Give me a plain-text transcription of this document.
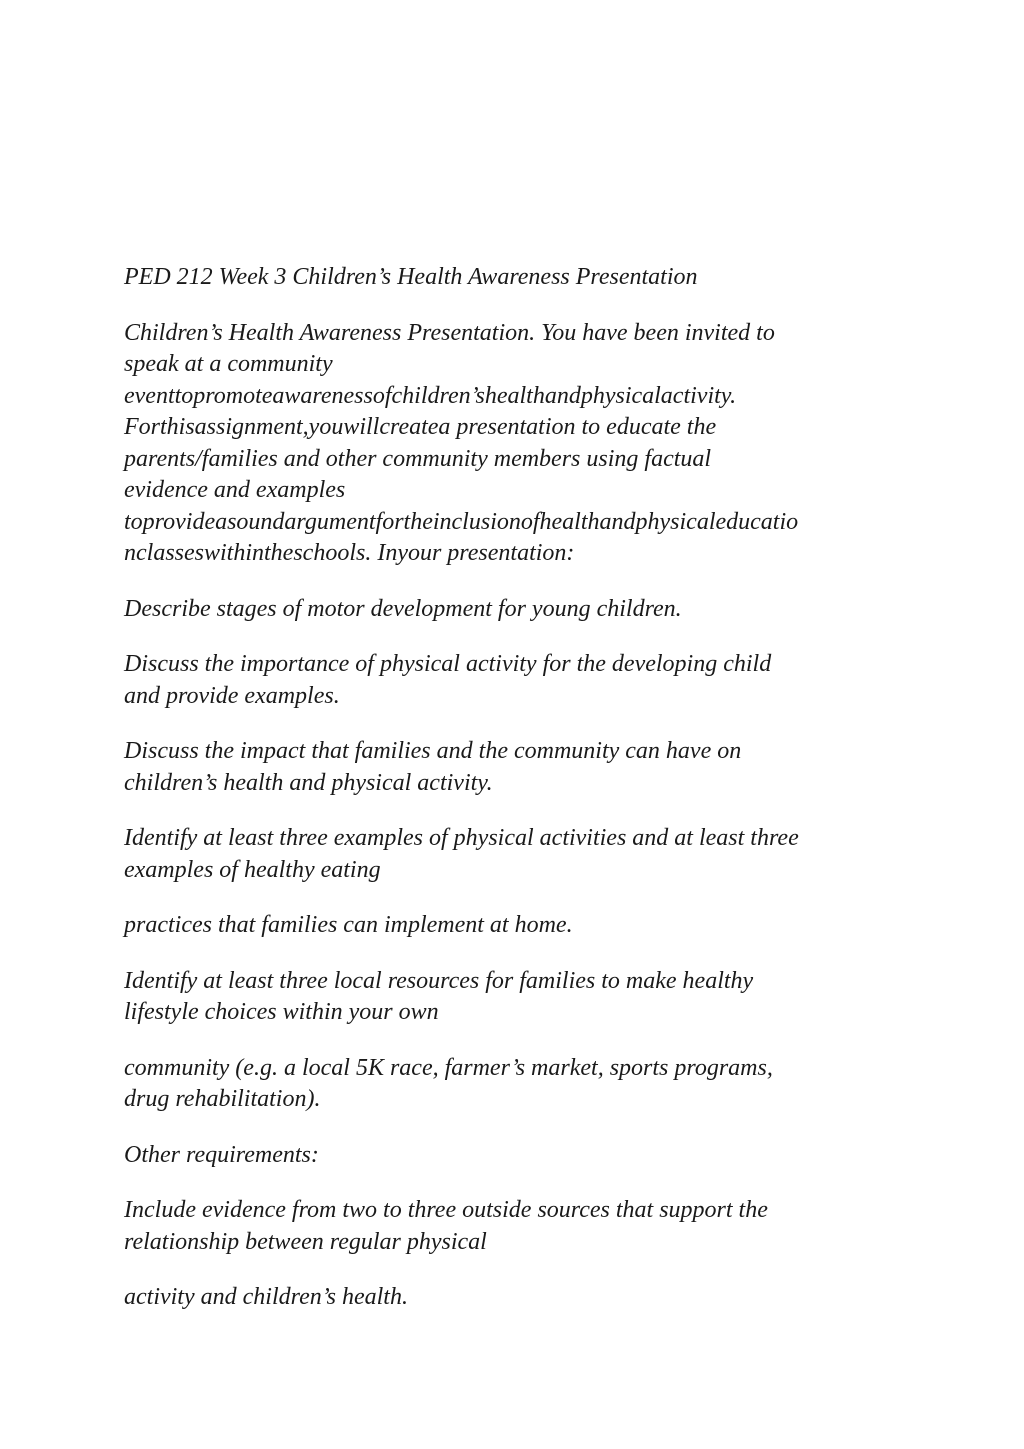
PED 212 Week 3 Children’s Health Awareness Presentation

Children’s Health Awareness Presentation. You have been invited to
speak at a community
eventtopromoteawarenessofchildren’shealthandphysicalactivity.
Forthisassignment,youwillcreatea presentation to educate the
parents/families and other community members using factual
evidence and examples
toprovideasoundargumentfortheinclusionofhealthandphysicaleducatio
nclasseswithintheschools. Inyour presentation:

Describe stages of motor development for young children.

Discuss the importance of physical activity for the developing child
and provide examples.

Discuss the impact that families and the community can have on
children’s health and physical activity.

Identify at least three examples of physical activities and at least three
examples of healthy eating

practices that families can implement at home.

Identify at least three local resources for families to make healthy
lifestyle choices within your own

community (e.g. a local 5K race, farmer’s market, sports programs,
drug rehabilitation).

Other requirements:

Include evidence from two to three outside sources that support the
relationship between regular physical

activity and children’s health.
